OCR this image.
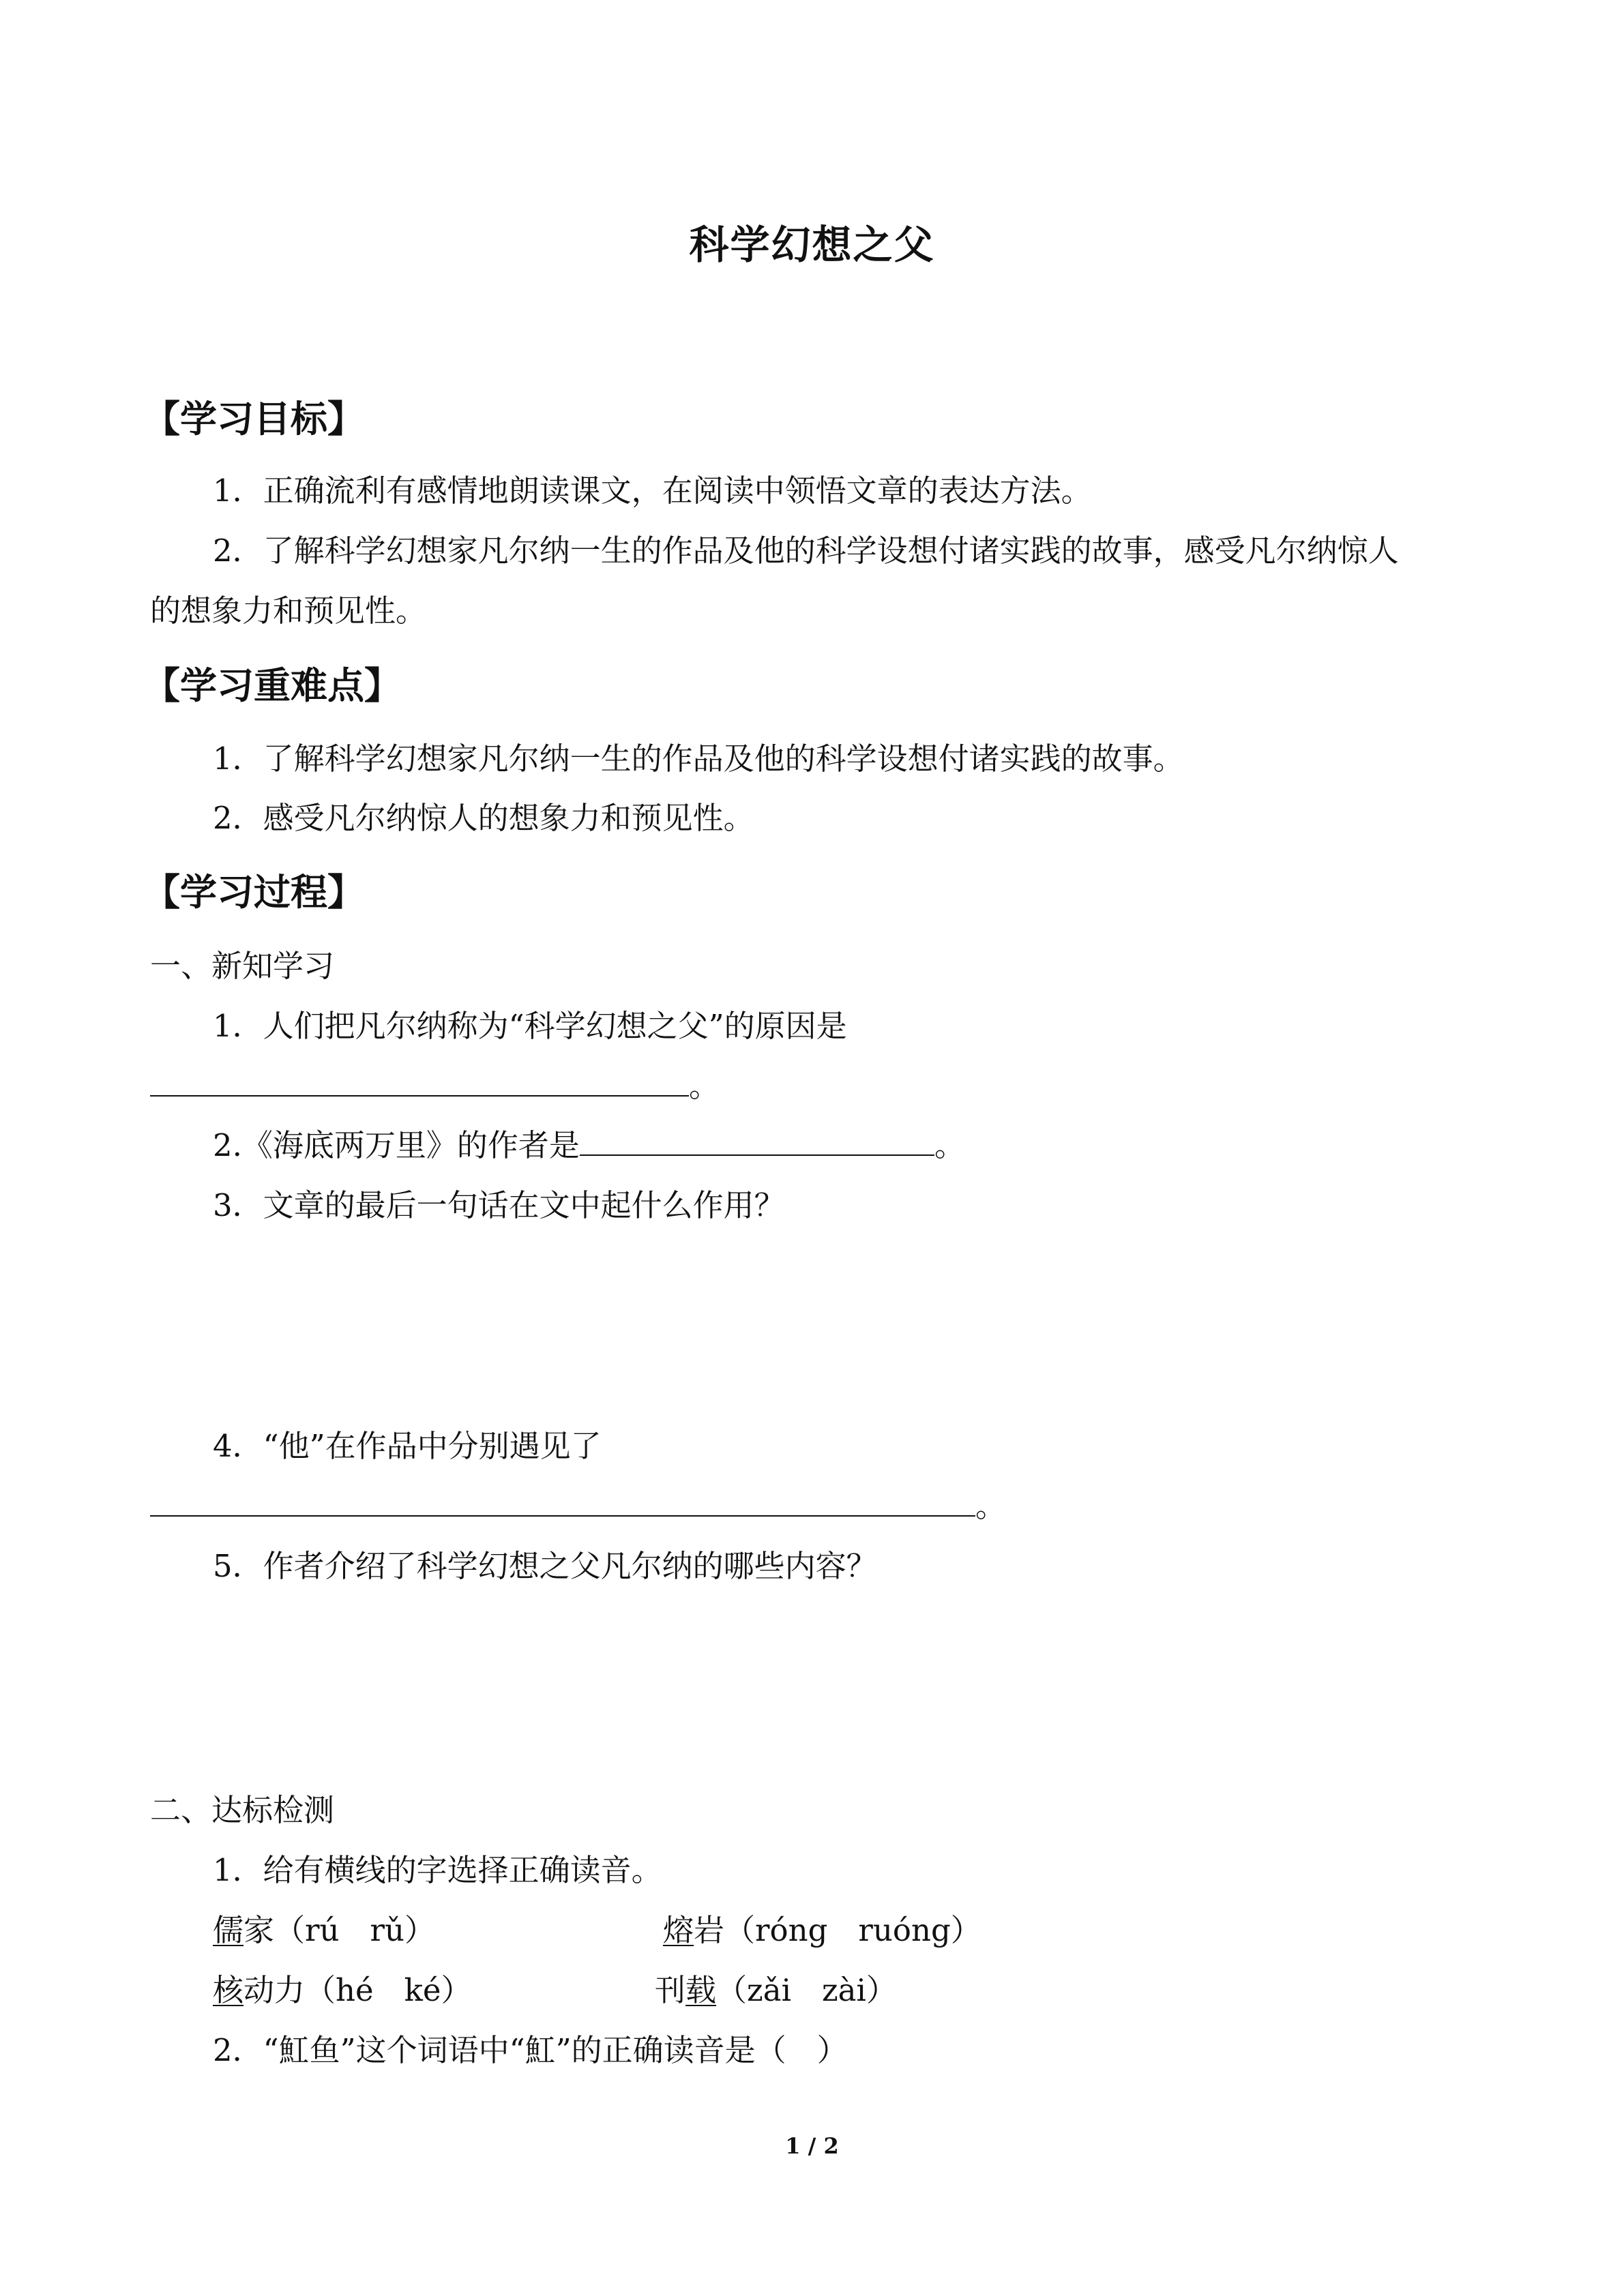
科学幻想之父
【学习目标】
1．正确流利有感情地朗读课文，在阅读中领悟文章的表达方法。
2．了解科学幻想家凡尔纳一生的作品及他的科学设想付诸实践的故事，感受凡尔纳惊人
的想象力和预见性。
【学习重难点】
1．了解科学幻想家凡尔纳一生的作品及他的科学设想付诸实践的故事。
2．感受凡尔纳惊人的想象力和预见性。
【学习过程】
一、新知学习
1．人们把凡尔纳称为“科学幻想之父”的原因是
。
2.《海底两万里》的作者是	。
3．文章的最后一句话在文中起什么作用？
4．“他”在作品中分别遇见了
。
5．作者介绍了科学幻想之父凡尔纳的哪些内容？
二、达标检测
1．给有横线的字选择正确读音。
儒家（rú　rǔ）	熔岩（róng　ruóng）
核动力（hé　ké）	刊载（zǎi　zài）
2．“魟鱼”这个词语中“魟”的正确读音是（　）
1 / 2
